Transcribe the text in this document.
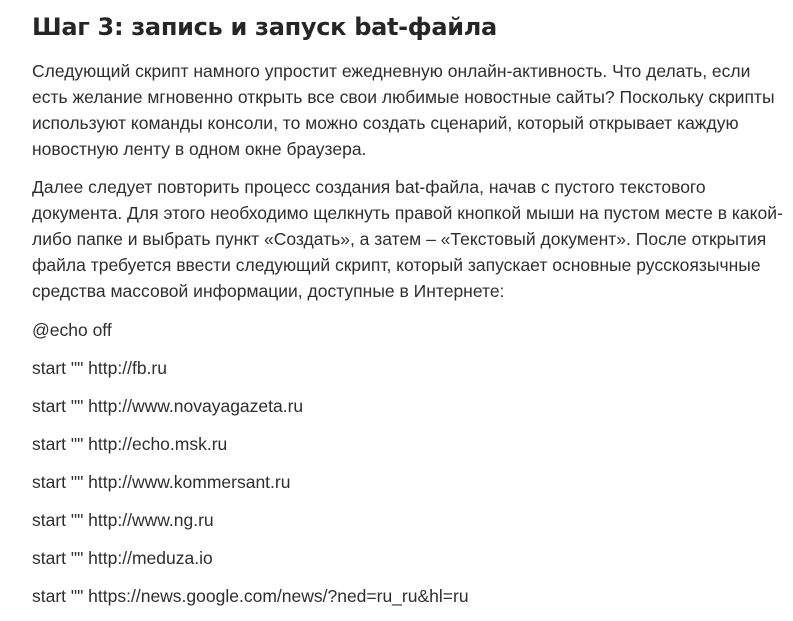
Шаг 3: запись и запуск bat-файла

Следующий скрипт намного упростит ежедневную онлайн-активность. Что делать, если есть желание мгновенно открыть все свои любимые новостные сайты? Поскольку скрипты используют команды консоли, то можно создать сценарий, который открывает каждую новостную ленту в одном окне браузера.

Далее следует повторить процесс создания bat-файла, начав с пустого текстового документа. Для этого необходимо щелкнуть правой кнопкой мыши на пустом месте в какой-либо папке и выбрать пункт «Создать», а затем – «Текстовый документ». После открытия файла требуется ввести следующий скрипт, который запускает основные русскоязычные средства массовой информации, доступные в Интернете:

@echo off

start "" http://fb.ru

start "" http://www.novayagazeta.ru

start "" http://echo.msk.ru

start "" http://www.kommersant.ru

start "" http://www.ng.ru

start "" http://meduza.io

start "" https://news.google.com/news/?ned=ru_ru&hl=ru
